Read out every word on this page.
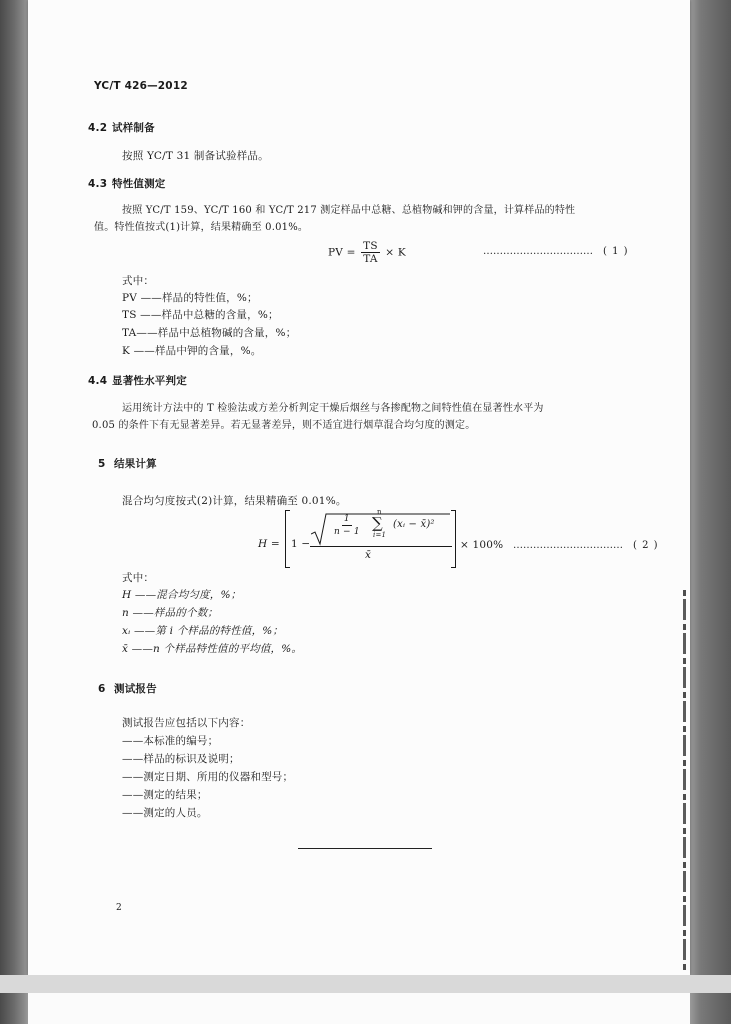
YC/T 426—2012
4.2 试样制备
按照 YC/T 31 制备试验样品。
4.3 特性值测定
按照 YC/T 159、YC/T 160 和 YC/T 217 测定样品中总糖、总植物碱和钾的含量，计算样品的特性
值。特性值按式(1)计算，结果精确至 0.01%。
PV = $\frac{TS}{TA} \times K$	…………………………… ( 1 )
式中：
PV ——样品的特性值，%；
TS ——样品中总糖的含量，%；
TA——样品中总植物碱的含量，%；
K ——样品中钾的含量，%。
4.4 显著性水平判定
运用统计方法中的 T 检验法或方差分析判定干燥后烟丝与各掺配物之间特性值在显著性水平为
0.05 的条件下有无显著差异。若无显著差异，则不适宜进行烟草混合均匀度的测定。
5 结果计算
混合均匀度按式(2)计算，结果精确至 0.01%。
H = 1 −
$\frac{1}{n - 1}$
n
∑
i=1
(xᵢ − x̄)²
x̄
× 100% …………………………… ( 2 )
式中：
H ——混合均匀度，%；
n ——样品的个数；
xᵢ ——第 i 个样品的特性值，%；
x̄ ——n 个样品特性值的平均值，%。
6 测试报告
测试报告应包括以下内容：
——本标准的编号；
——样品的标识及说明；
——测定日期、所用的仪器和型号；
——测定的结果；
——测定的人员。
2
